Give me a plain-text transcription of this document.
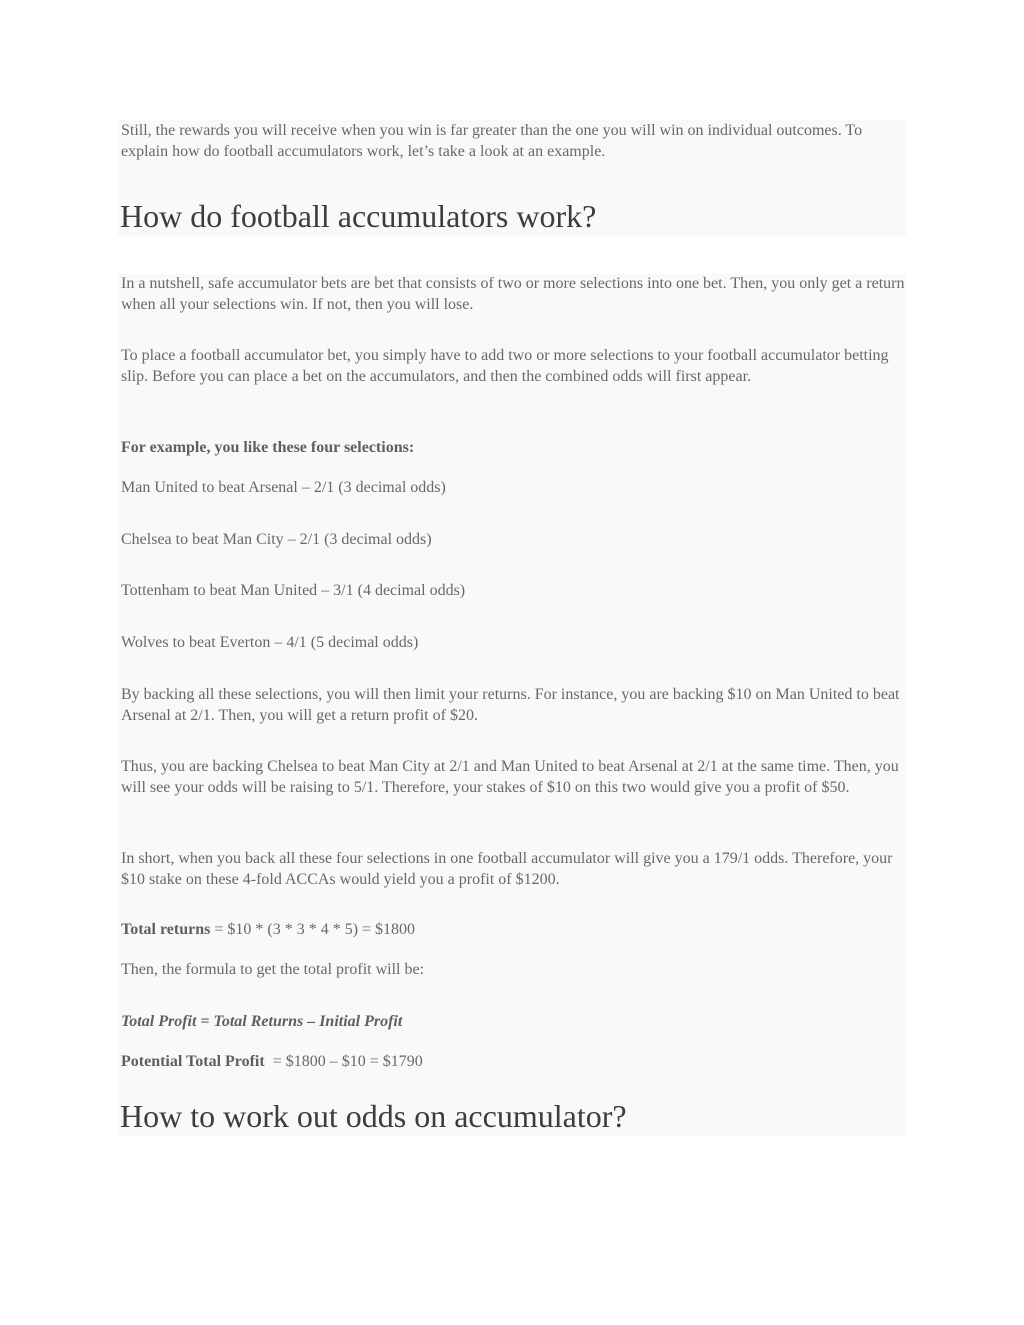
Still, the rewards you will receive when you win is far greater than the one you will win on individual outcomes. To explain how do football accumulators work, let’s take a look at an example.

How do football accumulators work?

In a nutshell, safe accumulator bets are bet that consists of two or more selections into one bet. Then, you only get a return when all your selections win. If not, then you will lose.

To place a football accumulator bet, you simply have to add two or more selections to your football accumulator betting slip. Before you can place a bet on the accumulators, and then the combined odds will first appear.

For example, you like these four selections:

Man United to beat Arsenal – 2/1 (3 decimal odds)

Chelsea to beat Man City – 2/1 (3 decimal odds)

Tottenham to beat Man United – 3/1 (4 decimal odds)

Wolves to beat Everton – 4/1 (5 decimal odds)

By backing all these selections, you will then limit your returns. For instance, you are backing $10 on Man United to beat Arsenal at 2/1. Then, you will get a return profit of $20.

Thus, you are backing Chelsea to beat Man City at 2/1 and Man United to beat Arsenal at 2/1 at the same time. Then, you will see your odds will be raising to 5/1. Therefore, your stakes of $10 on this two would give you a profit of $50.

In short, when you back all these four selections in one football accumulator will give you a 179/1 odds. Therefore, your $10 stake on these 4-fold ACCAs would yield you a profit of $1200.

Total returns = $10 * (3 * 3 * 4 * 5) = $1800

Then, the formula to get the total profit will be:

Total Profit = Total Returns – Initial Profit

Potential Total Profit  = $1800 – $10 = $1790

How to work out odds on accumulator?
